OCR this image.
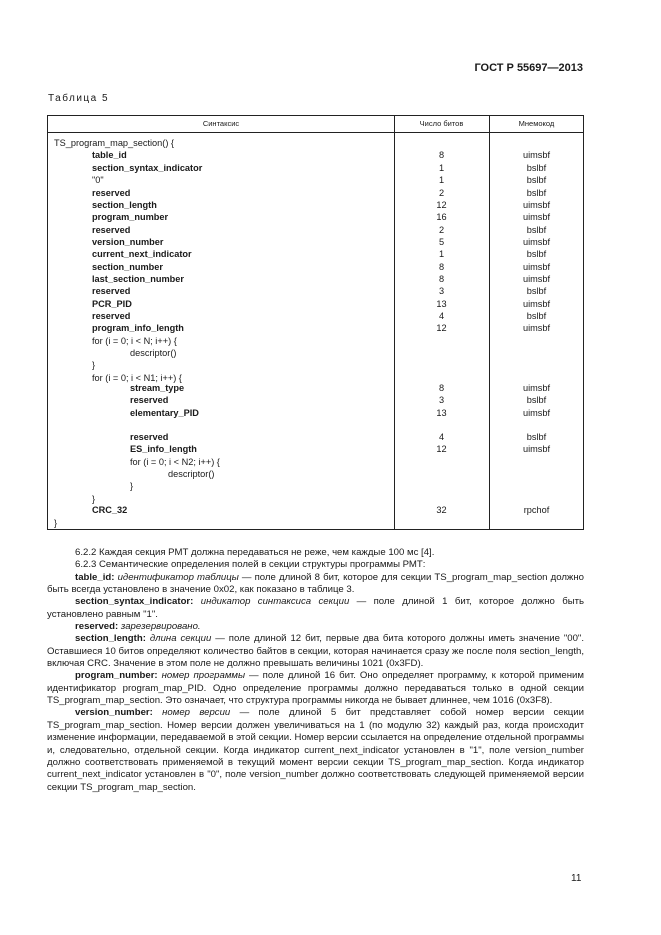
ГОСТ Р 55697—2013
Таблица 5
Синтаксис	Число битов	Мнемокод
TS_program_map_section() {
table_id	8	uimsbf
section_syntax_indicator	1	bslbf
"0"	1	bslbf
reserved	2	bslbf
section_length	12	uimsbf
program_number	16	uimsbf
reserved	2	bslbf
version_number	5	uimsbf
current_next_indicator	1	bslbf
section_number	8	uimsbf
last_section_number	8	uimsbf
reserved	3	bslbf
PCR_PID	13	uimsbf
reserved	4	bslbf
program_info_length	12	uimsbf
for (i = 0; i < N; i++) {
descriptor()
}
for (i = 0; i < N1; i++) {
stream_type	8	uimsbf
reserved	3	bslbf
elementary_PID	13	uimsbf
reserved	4	bslbf
ES_info_length	12	uimsbf
for (i = 0; i < N2; i++) {
descriptor()
}
}
CRC_32	32	rpchof
}

6.2.2 Каждая секция РМТ должна передаваться не реже, чем каждые 100 мс [4].

6.2.3 Семантические определения полей в секции структуры программы РМТ:

table_id: идентификатор таблицы — поле длиной 8 бит, которое для секции TS_program_map_section должно быть всегда установлено в значение 0x02, как показано в таблице 3.

section_syntax_indicator: индикатор синтаксиса секции — поле длиной 1 бит, которое должно быть установлено равным "1".

reserved: зарезервировано.

section_length: длина секции — поле длиной 12 бит, первые два бита которого должны иметь значение "00". Оставшиеся 10 битов определяют количество байтов в секции, которая начинается сразу же после поля section_length, включая CRC. Значение в этом поле не должно превышать величины 1021 (0x3FD).

program_number: номер программы — поле длиной 16 бит. Оно определяет программу, к которой применим идентификатор program_map_PID. Одно определение программы должно передаваться только в одной секции TS_program_map_section. Это означает, что структура программы никогда не бывает длиннее, чем 1016 (0x3F8).

version_number: номер версии — поле длиной 5 бит представляет собой номер версии секции TS_program_map_section. Номер версии должен увеличиваться на 1 (по модулю 32) каждый раз, когда происходит изменение информации, передаваемой в этой секции. Номер версии ссылается на определение отдельной программы и, следовательно, отдельной секции. Когда индикатор current_next_indicator установлен в "1", поле version_number должно соответствовать применяемой в текущий момент версии секции TS_program_map_section. Когда индикатор current_next_indicator установлен в "0", поле version_number должно соответствовать следующей применяемой версии секции TS_program_map_section.

11
